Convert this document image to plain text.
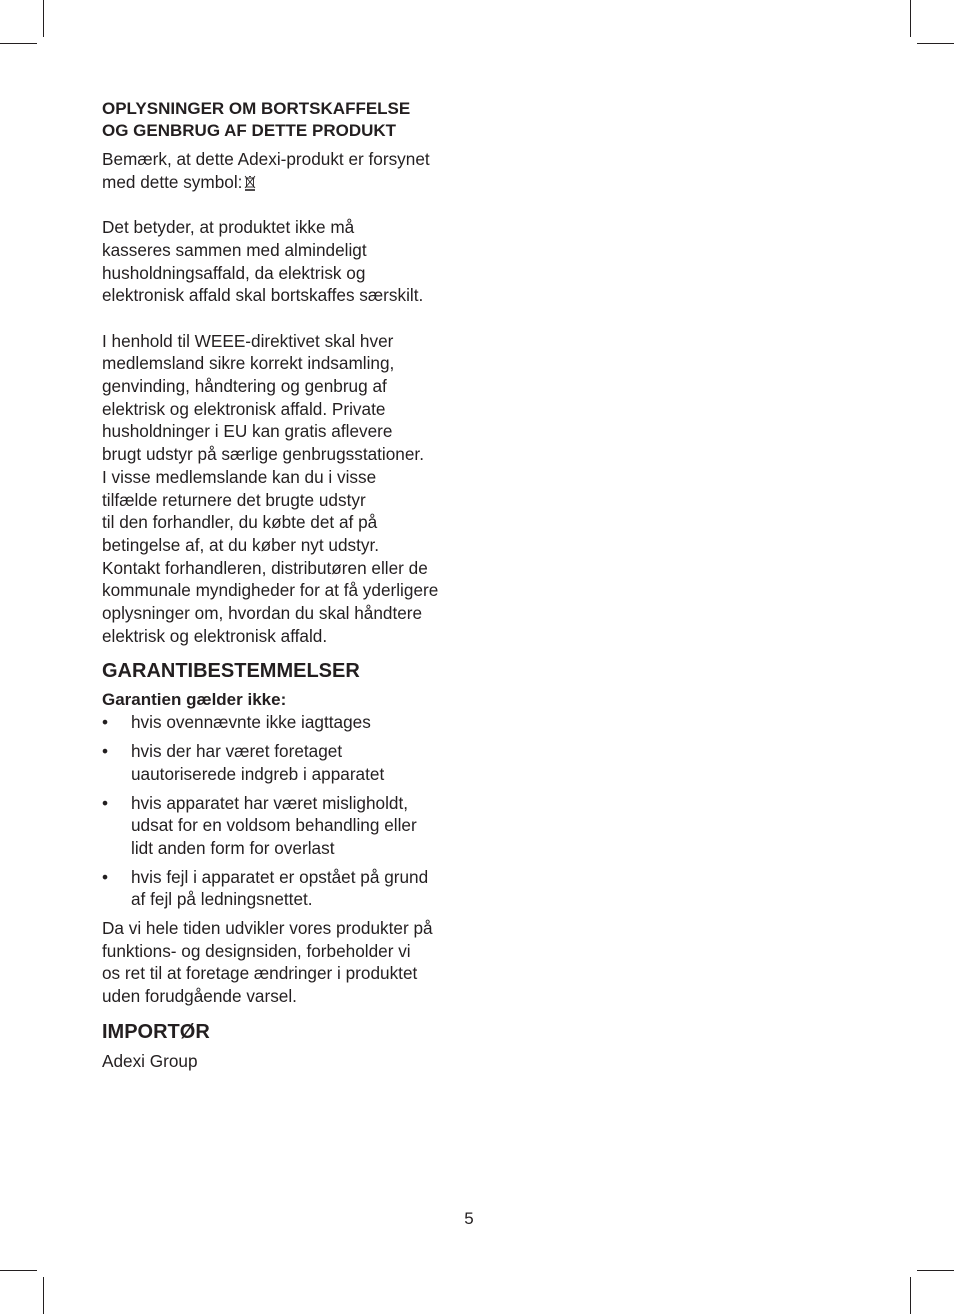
OPLYSNINGER OM BORTSKAFFELSE
OG GENBRUG AF DETTE PRODUKT

Bemærk, at dette Adexi-produkt er forsynet
med dette symbol:

Det betyder, at produktet ikke må
kasseres sammen med almindeligt
husholdningsaffald, da elektrisk og
elektronisk affald skal bortskaffes særskilt.

I henhold til WEEE-direktivet skal hver
medlemsland sikre korrekt indsamling,
genvinding, håndtering og genbrug af
elektrisk og elektronisk affald. Private
husholdninger i EU kan gratis aflevere
brugt udstyr på særlige genbrugsstationer.
I visse medlemslande kan du i visse
tilfælde returnere det brugte udstyr
til den forhandler, du købte det af på
betingelse af, at du køber nyt udstyr.
Kontakt forhandleren, distributøren eller de
kommunale myndigheder for at få yderligere
oplysninger om, hvordan du skal håndtere
elektrisk og elektronisk affald.

GARANTIBESTEMMELSER
Garantien gælder ikke:
• hvis ovennævnte ikke iagttages
• hvis der har været foretaget
uautoriserede indgreb i apparatet
• hvis apparatet har været misligholdt,
udsat for en voldsom behandling eller
lidt anden form for overlast
• hvis fejl i apparatet er opstået på grund
af fejl på ledningsnettet.

Da vi hele tiden udvikler vores produkter på
funktions- og designsiden, forbeholder vi
os ret til at foretage ændringer i produktet
uden forudgående varsel.

IMPORTØR

Adexi Group

5
